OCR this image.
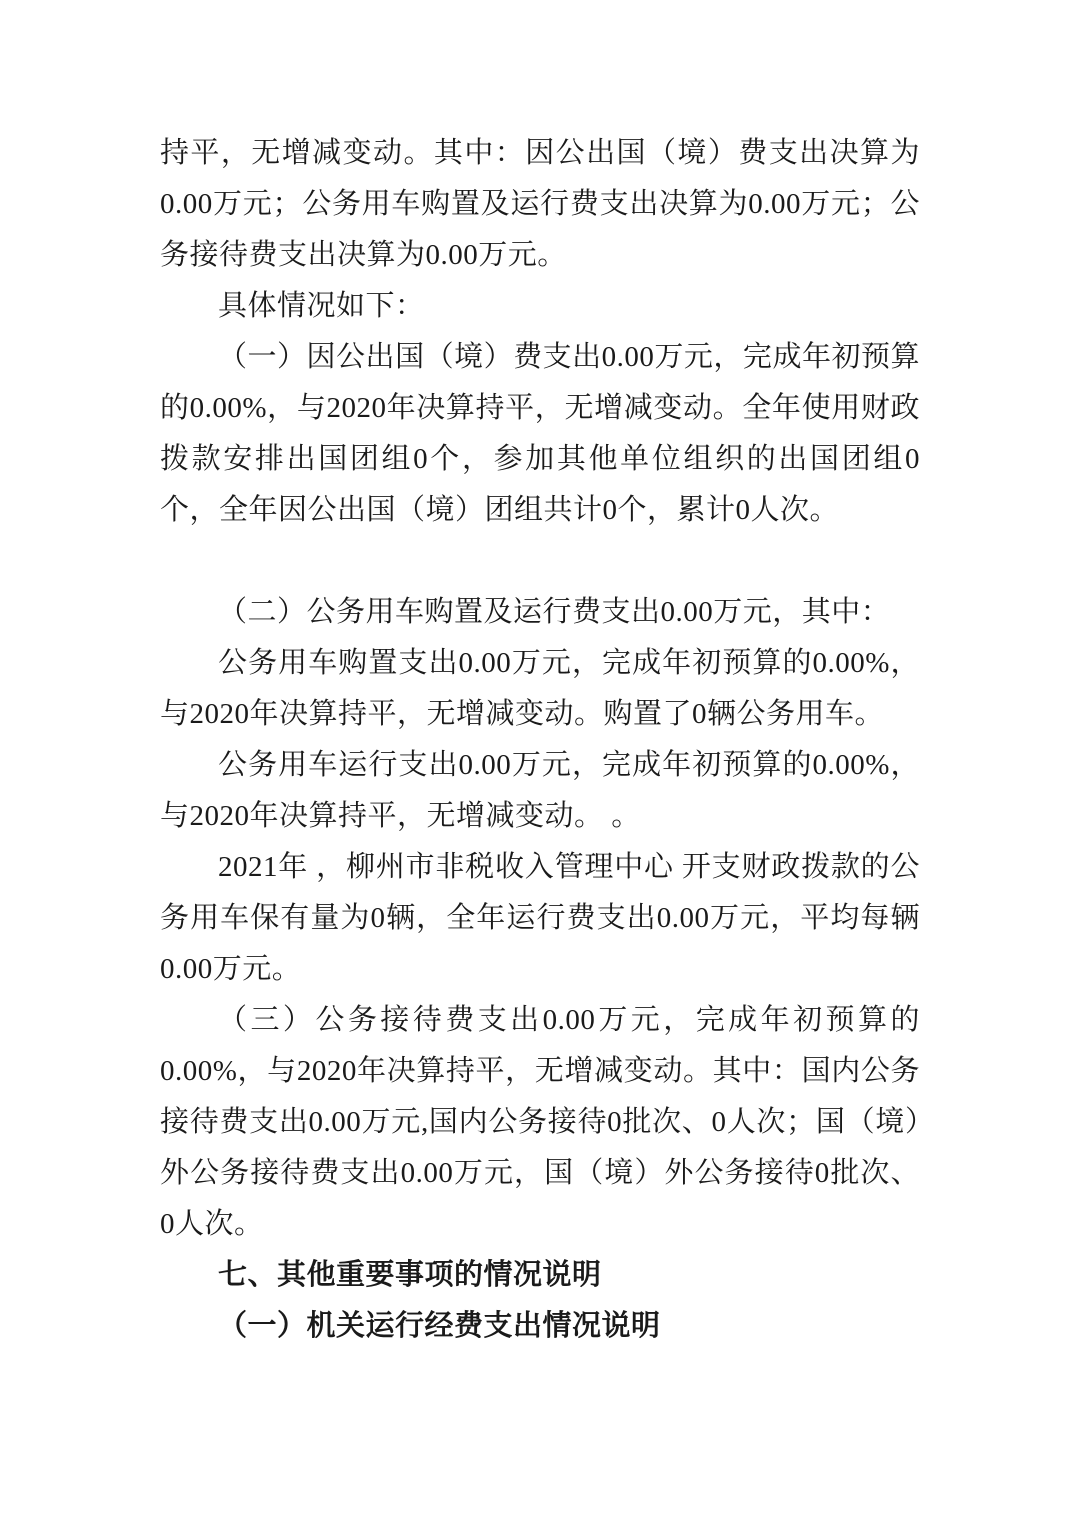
持平，无增减变动。其中：因公出国（境）费支出决算为0.00万元；公务用车购置及运行费支出决算为0.00万元；公务接待费支出决算为0.00万元。

具体情况如下：

（一）因公出国（境）费支出0.00万元，完成年初预算的0.00%，与2020年决算持平，无增减变动。全年使用财政拨款安排出国团组0个，参加其他单位组织的出国团组0个，全年因公出国（境）团组共计0个，累计0人次。

（二）公务用车购置及运行费支出0.00万元，其中：

公务用车购置支出0.00万元，完成年初预算的0.00%，与2020年决算持平，无增减变动。购置了0辆公务用车。

公务用车运行支出0.00万元，完成年初预算的0.00%，与2020年决算持平，无增减变动。 。

2021年 ，柳州市非税收入管理中心 开支财政拨款的公务用车保有量为0辆，全年运行费支出0.00万元，平均每辆0.00万元。

（三）公务接待费支出0.00万元，完成年初预算的0.00%，与2020年决算持平，无增减变动。其中：国内公务接待费支出0.00万元,国内公务接待0批次、0人次；国（境）外公务接待费支出0.00万元，国（境）外公务接待0批次、0人次。

七、其他重要事项的情况说明
（一）机关运行经费支出情况说明
